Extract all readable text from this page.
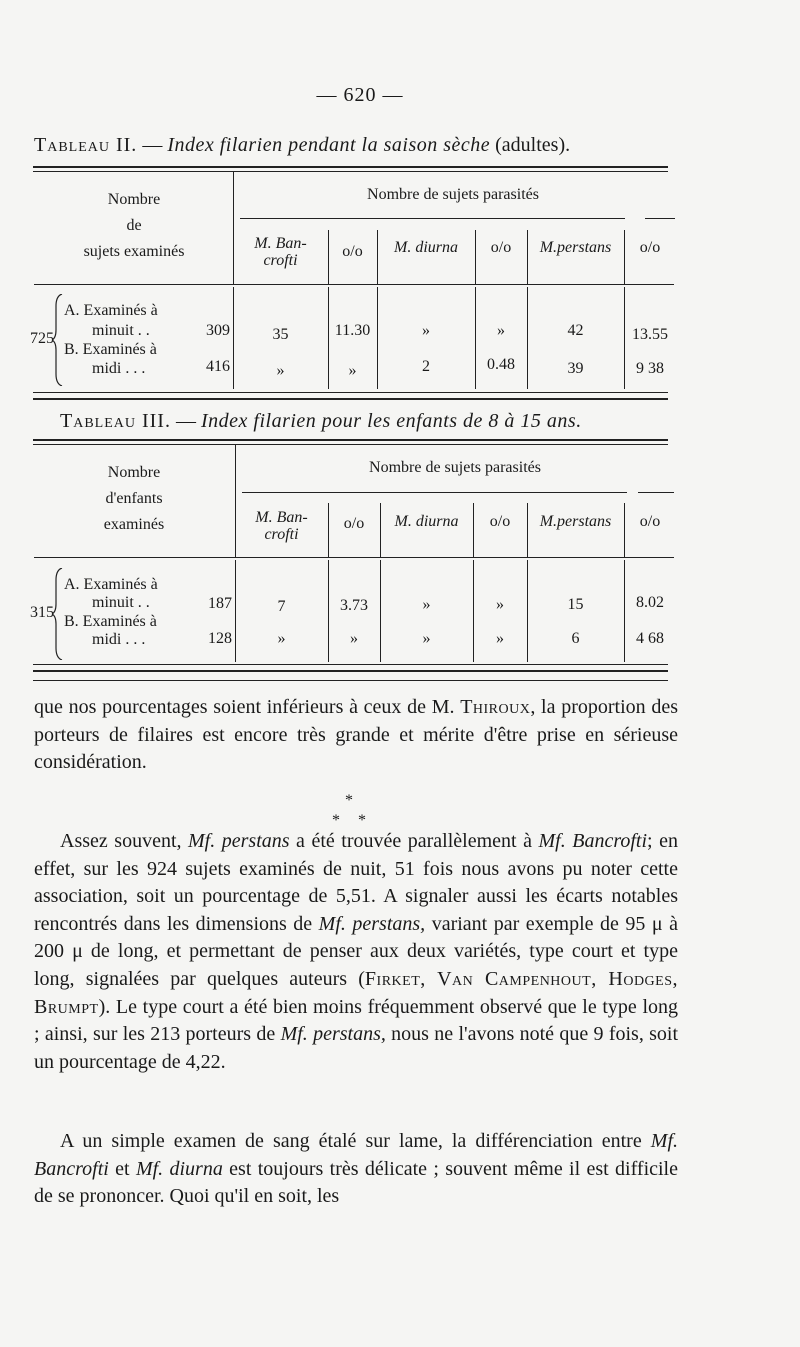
— 620 —
Tableau II. — Index filarien pendant la saison sèche (adultes).
Nombre
de
sujets examinés
Nombre de sujets parasités
M. Ban-
crofti
o/o	M. diurna	o/o	M.perstans	o/o
725
A. Examinés à
minuit . .	309	35	11.30	»	»	42	13.55
B. Examinés à
midi . . .	416	»	»	2	0.48	39	9 38
Tableau III. — Index filarien pour les enfants de 8 à 15 ans.
Nombre
d'enfants
examinés
Nombre de sujets parasités
M. Ban-
crofti
o/o	M. diurna	o/o	M.perstans	o/o
315
A. Examinés à
minuit . .	187	7	3.73	»	»	15	8.02
B. Examinés à
midi . . .	128	»	»	»	»	6	4 68
que nos pourcentages soient inférieurs à ceux de M. Thiroux, la proportion des porteurs de filaires est encore très grande et mérite d'être prise en sérieuse considération.
*
* *
Assez souvent, Mf. perstans a été trouvée parallèlement à Mf. Bancrofti; en effet, sur les 924 sujets examinés de nuit, 51 fois nous avons pu noter cette association, soit un pourcentage de 5,51. A signaler aussi les écarts notables rencontrés dans les dimensions de Mf. perstans, variant par exemple de 95 μ à 200 μ de long, et permettant de penser aux deux variétés, type court et type long, signalées par quelques auteurs (Firket, Van Campenhout, Hodges, Brumpt). Le type court a été bien moins fréquemment observé que le type long ; ainsi, sur les 213 porteurs de Mf. perstans, nous ne l'avons noté que 9 fois, soit un pourcentage de 4,22.
A un simple examen de sang étalé sur lame, la différenciation entre Mf. Bancrofti et Mf. diurna est toujours très délicate ; souvent même il est difficile de se prononcer. Quoi qu'il en soit, les
